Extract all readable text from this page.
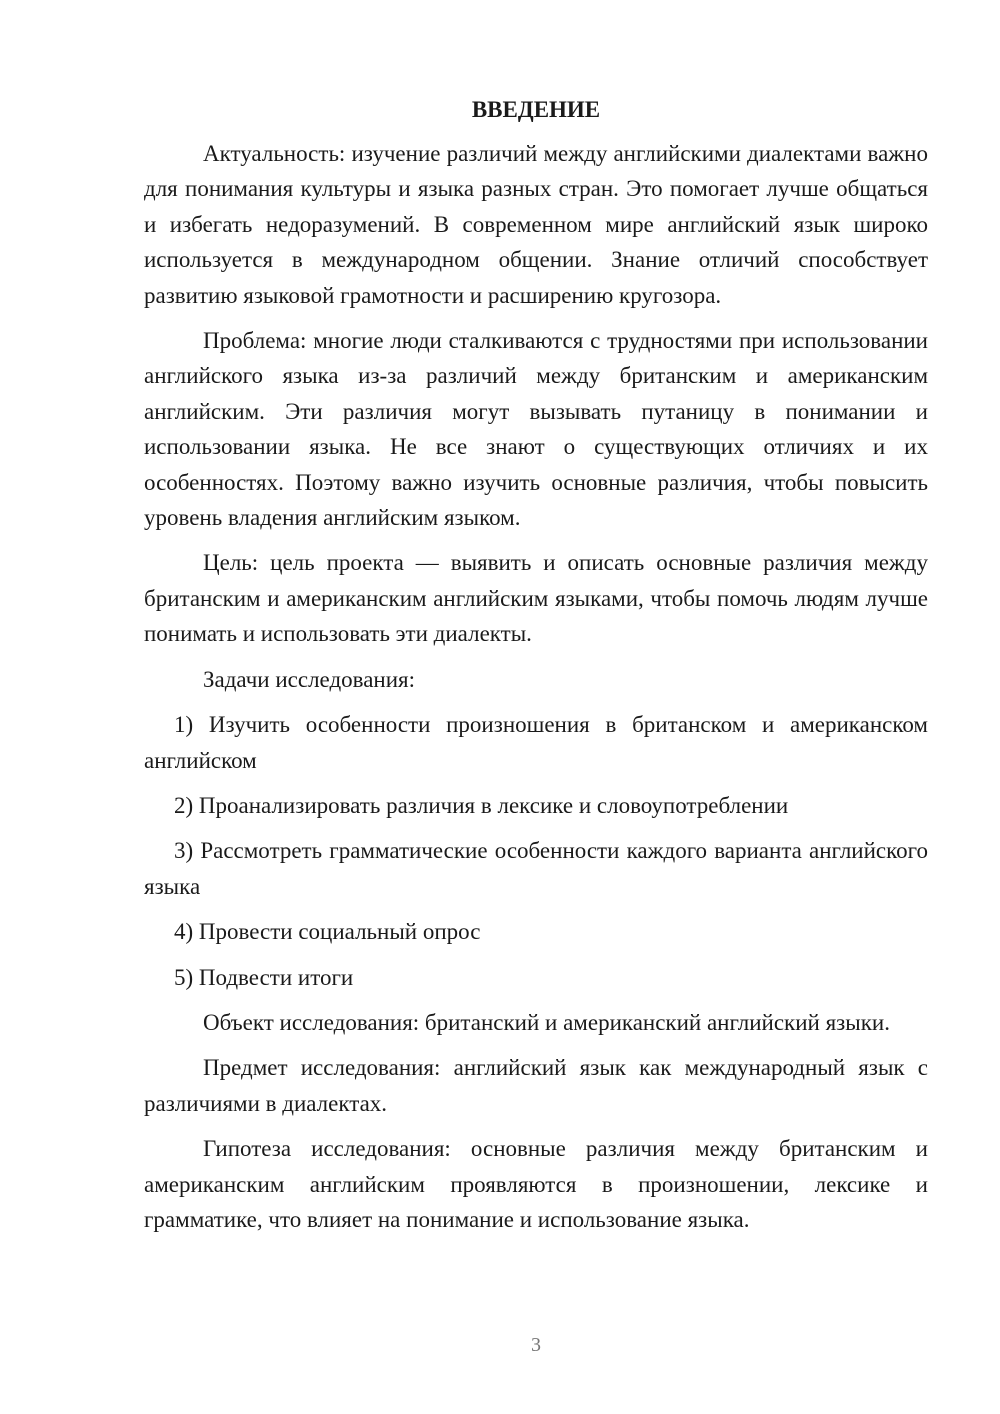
ВВЕДЕНИЕ

Актуальность: изучение различий между английскими диалектами важно для понимания культуры и языка разных стран. Это помогает лучше общаться и избегать недоразумений. В современном мире английский язык широко используется в международном общении. Знание отличий способствует развитию языковой грамотности и расширению кругозора.

Проблема: многие люди сталкиваются с трудностями при использовании английского языка из-за различий между британским и американским английским. Эти различия могут вызывать путаницу в понимании и использовании языка. Не все знают о существующих отличиях и их особенностях. Поэтому важно изучить основные различия, чтобы повысить уровень владения английским языком.

Цель: цель проекта — выявить и описать основные различия между британским и американским английским языками, чтобы помочь людям лучше понимать и использовать эти диалекты.

Задачи исследования:

1) Изучить особенности произношения в британском и американском английском

2) Проанализировать различия в лексике и словоупотреблении

3) Рассмотреть грамматические особенности каждого варианта английского языка

4) Провести социальный опрос

5) Подвести итоги

Объект исследования: британский и американский английский языки.

Предмет исследования: английский язык как международный язык с различиями в диалектах.

Гипотеза исследования: основные различия между британским и американским английским проявляются в произношении, лексике и грамматике, что влияет на понимание и использование языка.

3
